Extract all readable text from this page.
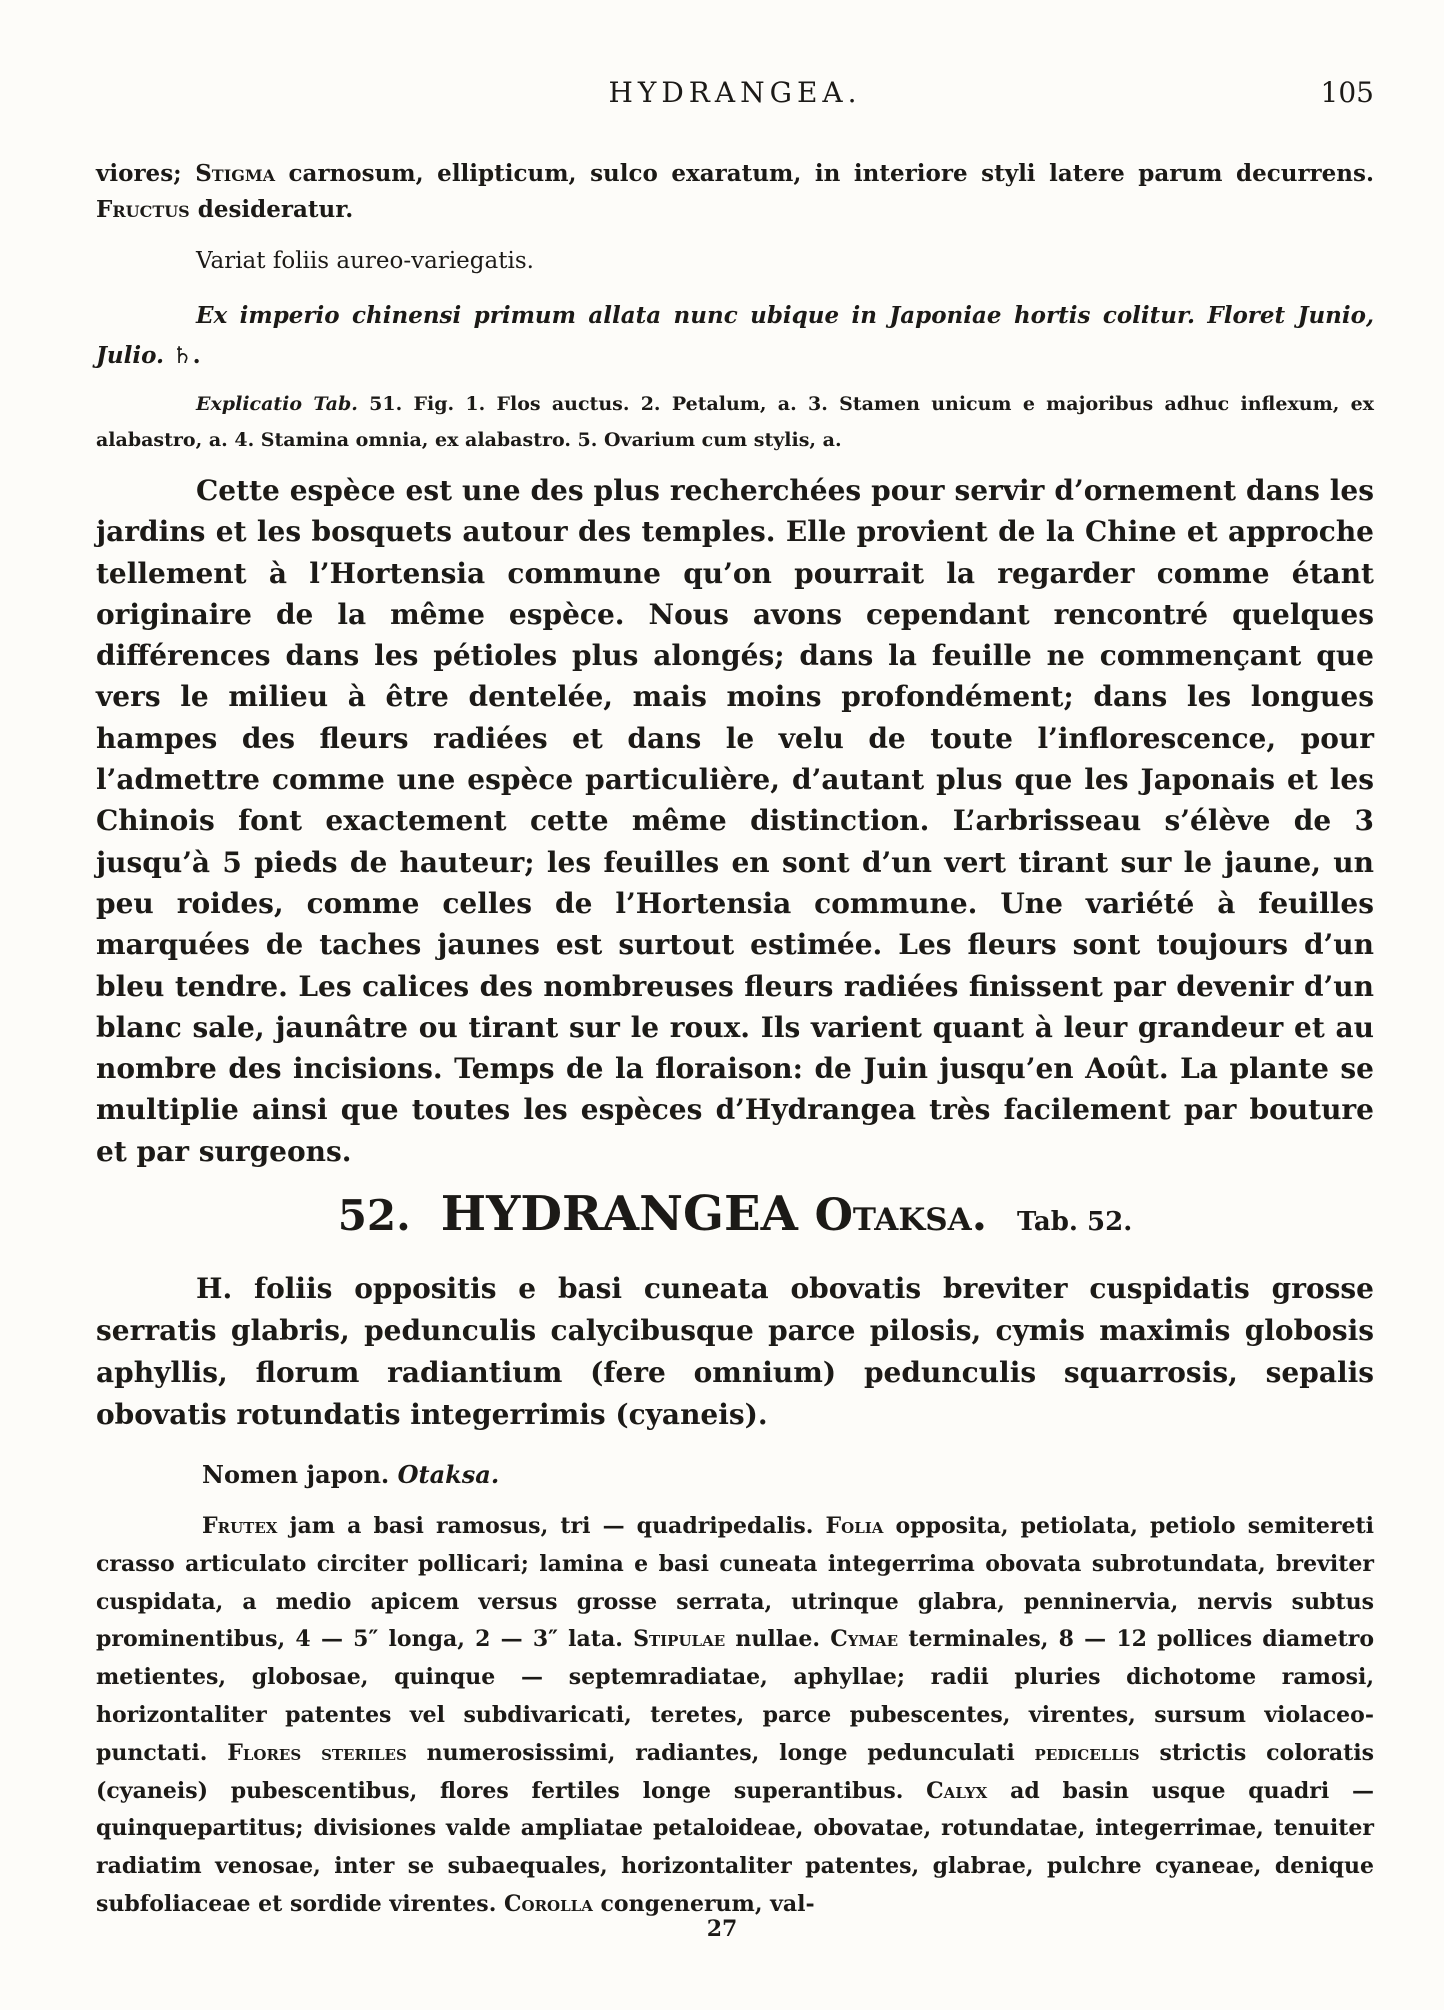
HYDRANGEA.	105

viores; Stigma carnosum, ellipticum, sulco exaratum, in interiore styli latere parum decurrens. Fructus desideratur.

Variat foliis aureo-variegatis.

Ex imperio chinensi primum allata nunc ubique in Japoniae hortis colitur. Floret Junio, Julio. ♄.

Explicatio Tab. 51. Fig. 1. Flos auctus. 2. Petalum, a. 3. Stamen unicum e majoribus adhuc inflexum, ex alabastro, a. 4. Stamina omnia, ex alabastro. 5. Ovarium cum stylis, a.

Cette espèce est une des plus recherchées pour servir d’ornement dans les jardins et les bosquets autour des temples. Elle provient de la Chine et approche tellement à l’Hortensia commune qu’on pourrait la regarder comme étant originaire de la même espèce. Nous avons cependant rencontré quelques différences dans les pétioles plus alongés; dans la feuille ne commençant que vers le milieu à être dentelée, mais moins profondément; dans les longues hampes des fleurs radiées et dans le velu de toute l’inflorescence, pour l’admettre comme une espèce particulière, d’autant plus que les Japonais et les Chinois font exactement cette même distinction. L’arbrisseau s’élève de 3 jusqu’à 5 pieds de hauteur; les feuilles en sont d’un vert tirant sur le jaune, un peu roides, comme celles de l’Hortensia commune. Une variété à feuilles marquées de taches jaunes est surtout estimée. Les fleurs sont toujours d’un bleu tendre. Les calices des nombreuses fleurs radiées finissent par devenir d’un blanc sale, jaunâtre ou tirant sur le roux. Ils varient quant à leur grandeur et au nombre des incisions. Temps de la floraison: de Juin jusqu’en Août. La plante se multiplie ainsi que toutes les espèces d’Hydrangea très facilement par bouture et par surgeons.

52. HYDRANGEA Otaksa. Tab. 52.

H. foliis oppositis e basi cuneata obovatis breviter cuspidatis grosse serratis glabris, pedunculis calycibusque parce pilosis, cymis maximis globosis aphyllis, florum radiantium (fere omnium) pedunculis squarrosis, sepalis obovatis rotundatis integerrimis (cyaneis).

Nomen japon. Otaksa.

Frutex jam a basi ramosus, tri — quadripedalis. Folia opposita, petiolata, petiolo semitereti crasso articulato circiter pollicari; lamina e basi cuneata integerrima obovata subrotundata, breviter cuspidata, a medio apicem versus grosse serrata, utrinque glabra, penninervia, nervis subtus prominentibus, 4 — 5″ longa, 2 — 3″ lata. Stipulae nullae. Cymae terminales, 8 — 12 pollices diametro metientes, globosae, quinque — septemradiatae, aphyllae; radii pluries dichotome ramosi, horizontaliter patentes vel subdivaricati, teretes, parce pubescentes, virentes, sursum violaceo-punctati. Flores steriles numerosissimi, radiantes, longe pedunculati pedicellis strictis coloratis (cyaneis) pubescentibus, flores fertiles longe superantibus. Calyx ad basin usque quadri — quinquepartitus; divisiones valde ampliatae petaloideae, obovatae, rotundatae, integerrimae, tenuiter radiatim venosae, inter se subaequales, horizontaliter patentes, glabrae, pulchre cyaneae, denique subfoliaceae et sordide virentes. Corolla congenerum, val-

27
